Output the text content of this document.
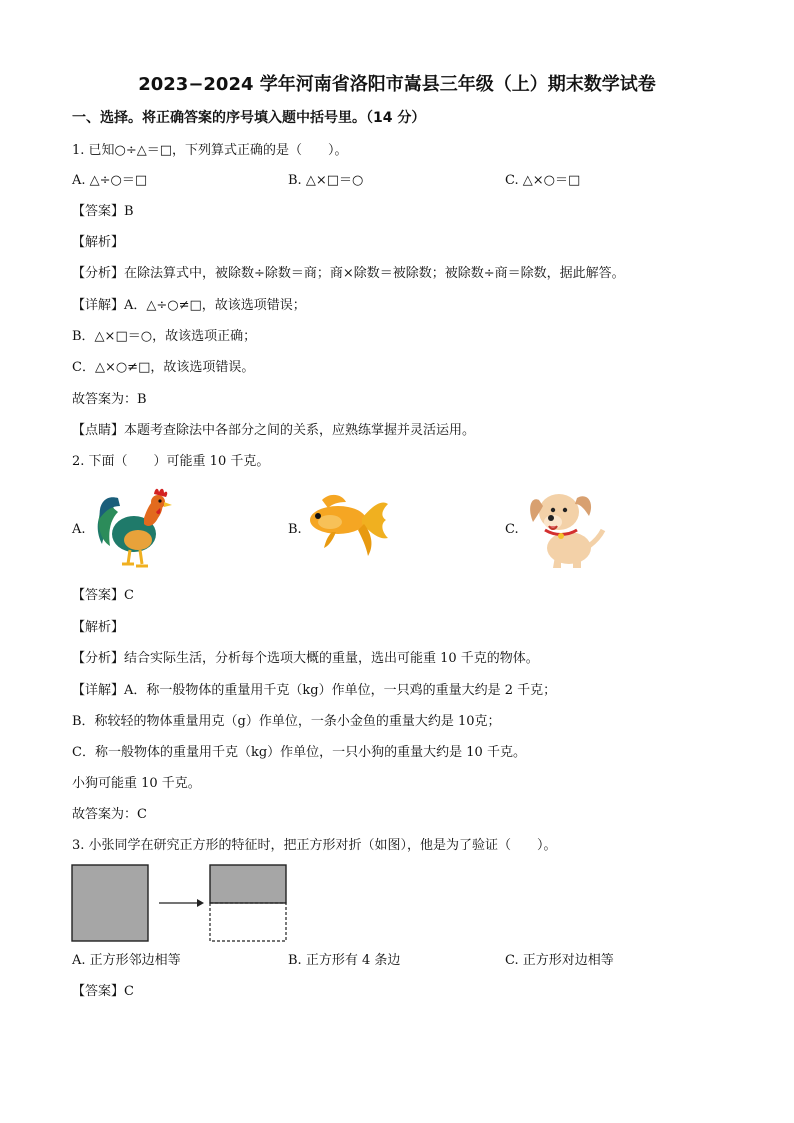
2023−2024 学年河南省洛阳市嵩县三年级（上）期末数学试卷
一、选择。将正确答案的序号填入题中括号里。（14 分）
1. 已知○÷△＝□，下列算式正确的是（　　）。
A. △÷○＝□	B. △×□＝○	C. △×○＝□
【答案】B
【解析】
【分析】在除法算式中，被除数÷除数＝商；商×除数＝被除数；被除数÷商＝除数，据此解答。
【详解】A．△÷○≠□，故该选项错误；
B．△×□＝○，故该选项正确；
C．△×○≠□，故该选项错误。
故答案为：B
【点睛】本题考查除法中各部分之间的关系，应熟练掌握并灵活运用。
2. 下面（　　）可能重 10 千克。
A.	B.	C.
【答案】C
【解析】
【分析】结合实际生活，分析每个选项大概的重量，选出可能重 10 千克的物体。
【详解】A．称一般物体的重量用千克（kg）作单位，一只鸡的重量大约是 2 千克；
B．称较轻的物体重量用克（g）作单位，一条小金鱼的重量大约是 10克；
C．称一般物体的重量用千克（kg）作单位，一只小狗的重量大约是 10 千克。
小狗可能重 10 千克。
故答案为：C
3. 小张同学在研究正方形的特征时，把正方形对折（如图），他是为了验证（　　）。
A. 正方形邻边相等	B. 正方形有 4 条边	C. 正方形对边相等
【答案】C
